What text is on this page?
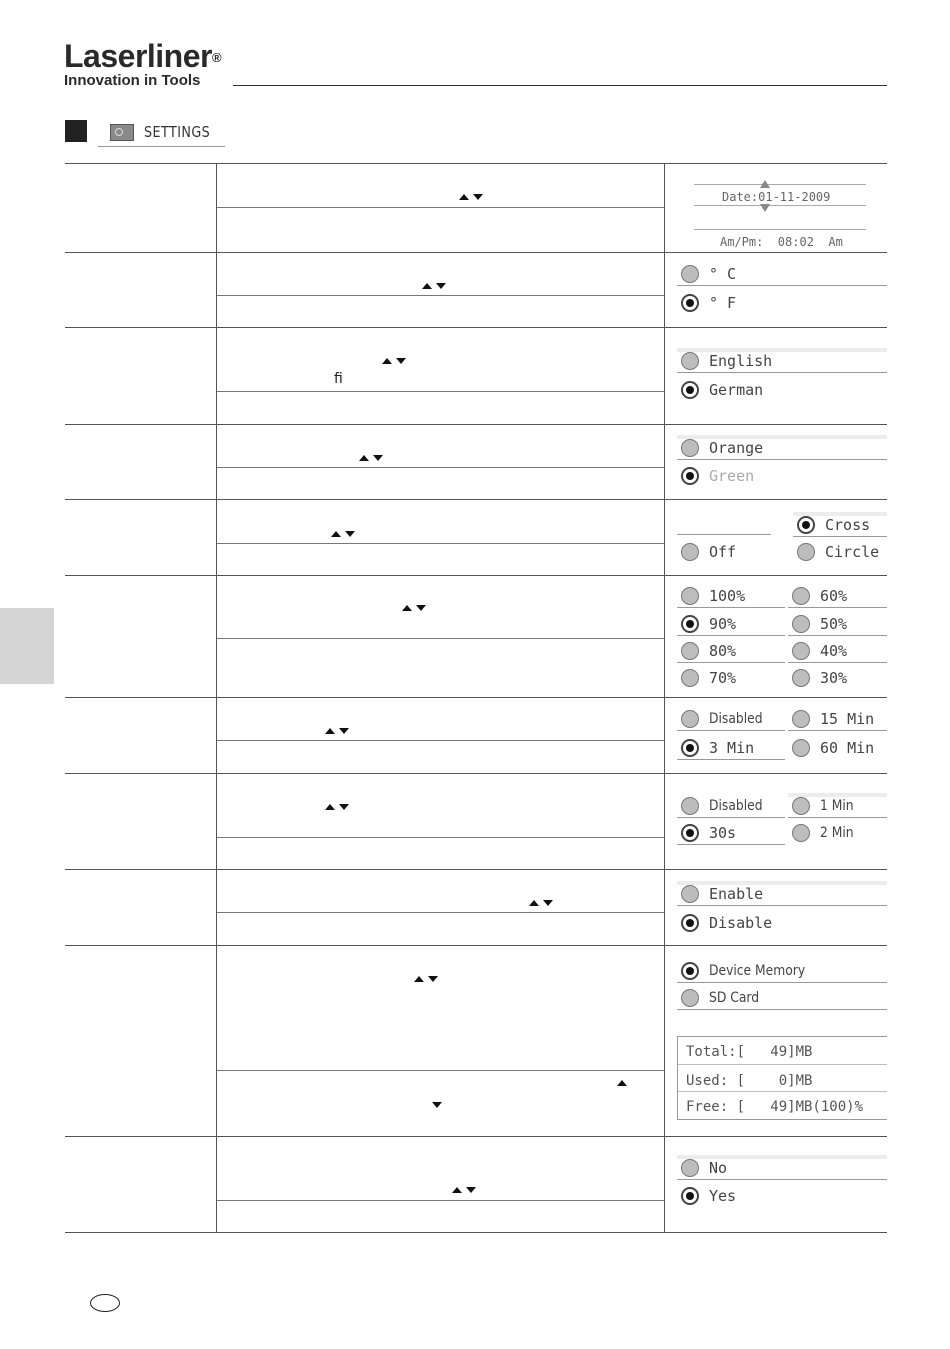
Laserliner®
Innovation in Tools
SETTINGS
fi
Date:01-11-2009
Am/Pm:  08:02  Am
° C
° F
English
German
Orange
Green
Cross
Off	Circle
100%	60%
90%	50%
80%	40%
70%	30%
Disabled	15 Min
3 Min	60 Min
Disabled	1 Min
30s	2 Min
Enable
Disable
Device Memory
SD Card
Total:[   49]MB
Used: [    0]MB
Free: [   49]MB(100)%
No
Yes
